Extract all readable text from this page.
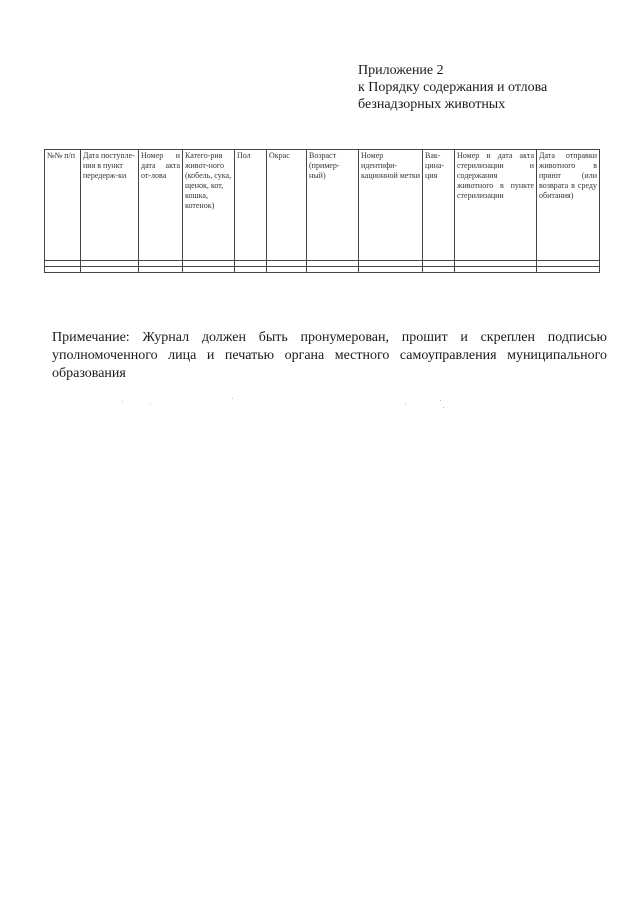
Приложение 2
к Порядку содержания и отлова
безнадзорных животных
№№ п/п	Дата поступле-ния в пункт передерж-ки	Номер и дата акта от-лова	Катего-рия живот-ного (кобель, сука, щенок, кот, кошка, котенок)	Пол	Окрас	Возраст (пример-ный)	Номер идентифи-кационной метки	Вак-цина-ция	Номер и дата акта стерилизации и содержания животного в пункте стерилизации	Дата отправки животного в приют (или возврата в среду обитания)

Примечание: Журнал должен быть пронумерован, прошит и скреплен подписью уполномоченного лица и печатью органа местного самоуправления муниципального образования
